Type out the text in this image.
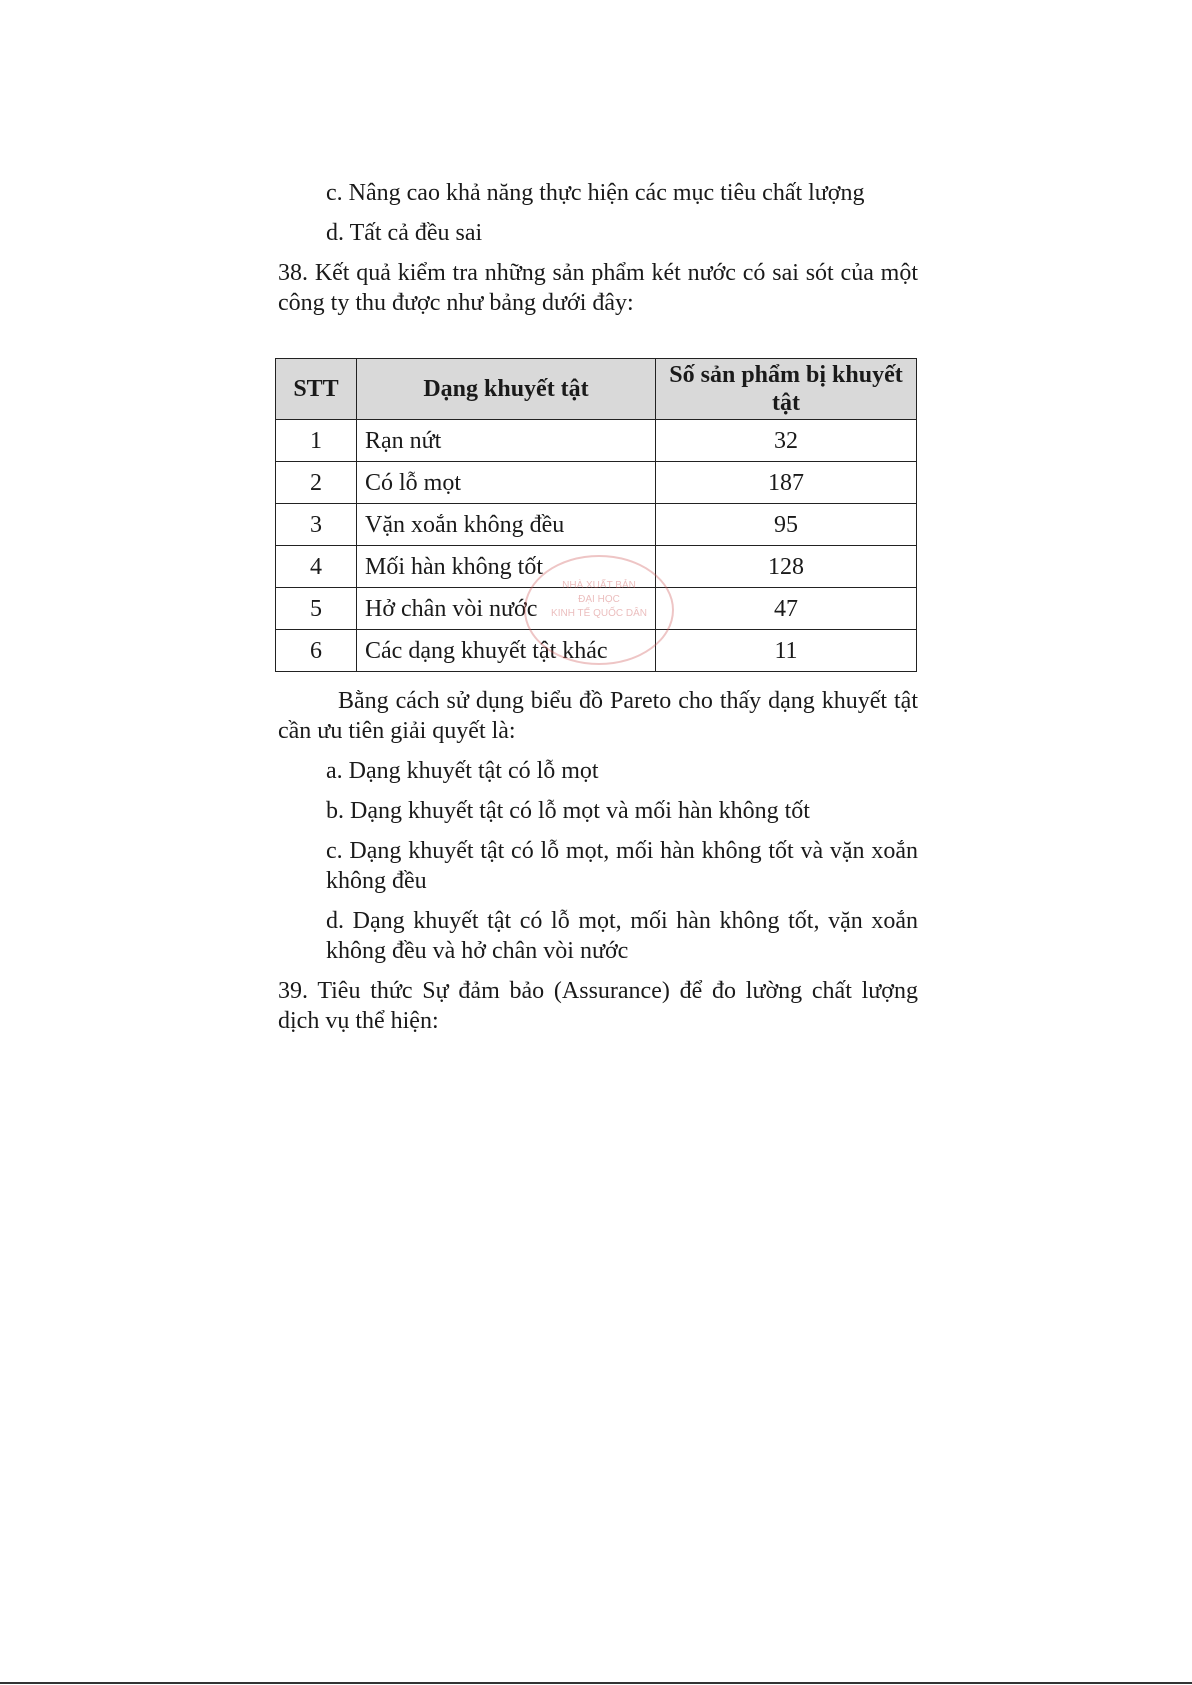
c. Nâng cao khả năng thực hiện các mục tiêu chất lượng

d. Tất cả đều sai

38. Kết quả kiểm tra những sản phẩm két nước có sai sót của một công ty thu được như bảng dưới đây:

STT	Dạng khuyết tật	Số sản phẩm bị khuyết tật
1	Rạn nứt	32
2	Có lỗ mọt	187
3	Vặn xoắn không đều	95
4	Mối hàn không tốt	128
5	Hở chân vòi nước	47
6	Các dạng khuyết tật khác	11

Bằng cách sử dụng biểu đồ Pareto cho thấy dạng khuyết tật cần ưu tiên giải quyết là:

a. Dạng khuyết tật có lỗ mọt

b. Dạng khuyết tật có lỗ mọt và mối hàn không tốt

c. Dạng khuyết tật có lỗ mọt, mối hàn không tốt và vặn xoắn không đều

d. Dạng khuyết tật có lỗ mọt, mối hàn không tốt, vặn xoắn không đều và hở chân vòi nước

39. Tiêu thức Sự đảm bảo (Assurance) để đo lường chất lượng dịch vụ thể hiện:

NHÀ XUẤT BẢN
ĐẠI HỌC
KINH TẾ QUỐC DÂN
